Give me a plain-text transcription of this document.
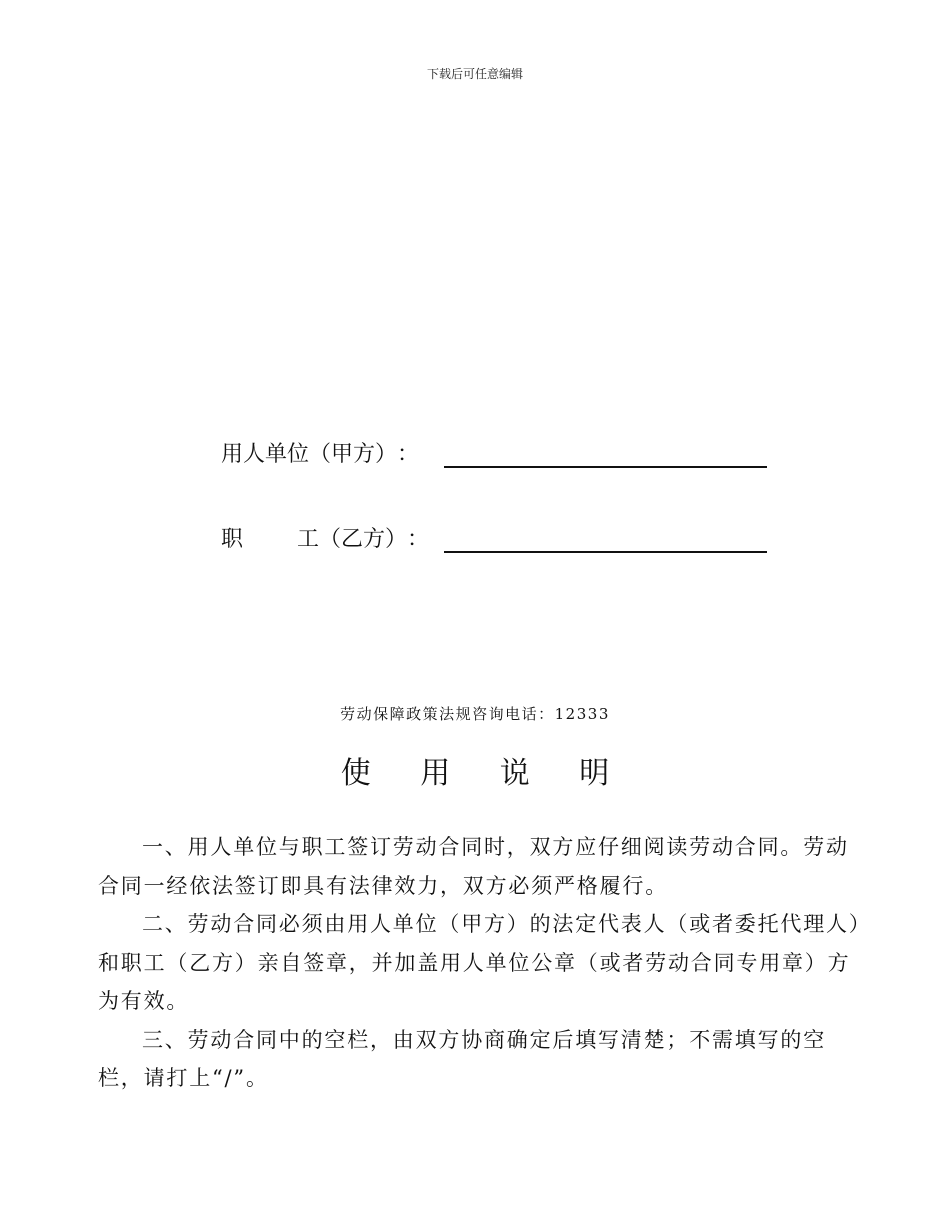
下载后可任意编辑
用人单位（甲方）：
职 工（乙方）：
劳动保障政策法规咨询电话：12333
使 用 说 明

一、用人单位与职工签订劳动合同时，双方应仔细阅读劳动合同。劳动合同一经依法签订即具有法律效力，双方必须严格履行。

二、劳动合同必须由用人单位（甲方）的法定代表人（或者委托代理人）和职工（乙方）亲自签章，并加盖用人单位公章（或者劳动合同专用章）方为有效。

三、劳动合同中的空栏，由双方协商确定后填写清楚；不需填写的空栏，请打上“/”。
